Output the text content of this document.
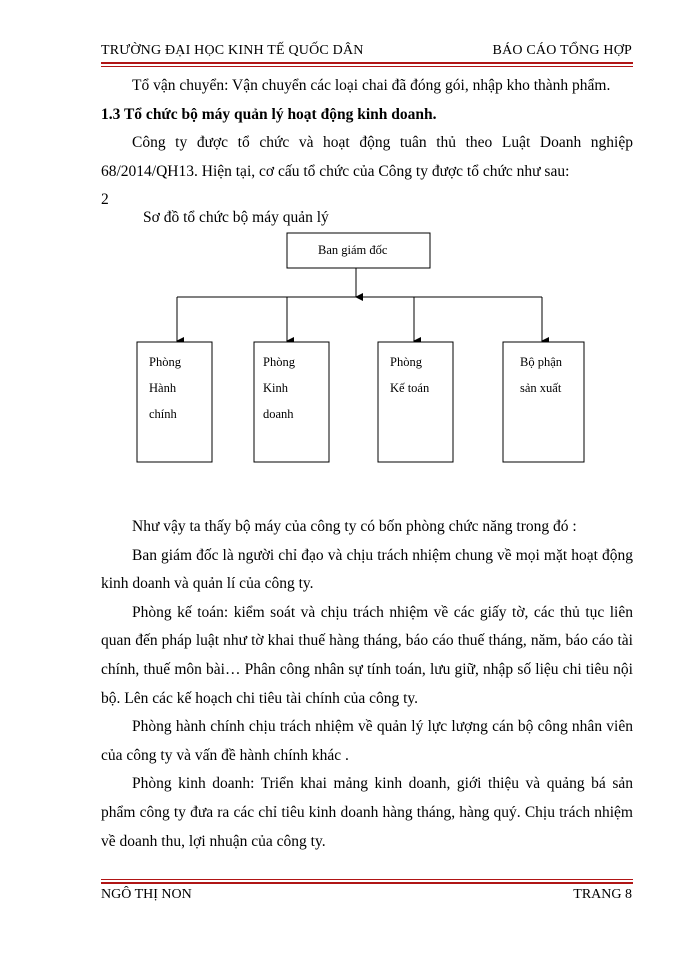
TRƯỜNG ĐẠI HỌC KINH TẾ QUỐC DÂN	BÁO CÁO TỔNG HỢP

Tổ vận chuyển: Vận chuyển các loại chai đã đóng gói, nhập kho thành phẩm.

1.3 Tổ chức bộ máy quản lý hoạt động kinh doanh.

Công ty được tổ chức và hoạt động tuân thủ theo Luật Doanh nghiệp 68/2014/QH13. Hiện tại, cơ cấu tổ chức của Công ty được tổ chức như sau:

2

Sơ đồ tổ chức bộ máy quản lý

Ban giám đốc
Phòng
Hành
chính
Phòng
Kinh
doanh
Phòng
Kế toán
Bộ phận
sản xuất

Như vậy ta thấy bộ máy của công ty có bốn phòng chức năng trong đó :

Ban giám đốc là người chỉ đạo và chịu trách nhiệm chung về mọi mặt hoạt động kinh doanh và quản lí của công ty.

Phòng kế toán: kiểm soát và chịu trách nhiệm về các giấy tờ, các thủ tục liên quan đến pháp luật như tờ khai thuế hàng tháng, báo cáo thuế tháng, năm, báo cáo tài chính, thuế môn bài… Phân công nhân sự tính toán, lưu giữ, nhập số liệu chi tiêu nội bộ. Lên các kế hoạch chi tiêu tài chính của công ty.

Phòng hành chính chịu trách nhiệm về quản lý lực lượng cán bộ công nhân viên của công ty và vấn đề hành chính khác .

Phòng kinh doanh: Triển khai mảng kinh doanh, giới thiệu và quảng bá sản phẩm công ty đưa ra các chỉ tiêu kinh doanh hàng tháng, hàng quý. Chịu trách nhiệm về doanh thu, lợi nhuận của công ty.

NGÔ THỊ NON	TRANG 8
